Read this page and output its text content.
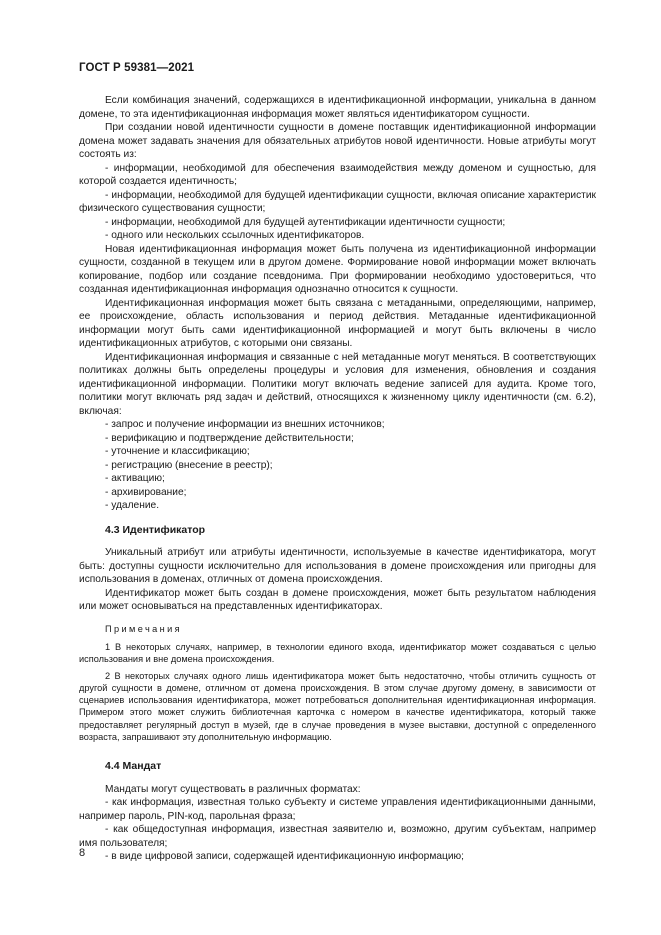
ГОСТ Р 59381—2021

Если комбинация значений, содержащихся в идентификационной информации, уникальна в данном домене, то эта идентификационная информация может являться идентификатором сущности.

При создании новой идентичности сущности в домене поставщик идентификационной информации домена может задавать значения для обязательных атрибутов новой идентичности. Новые атрибуты могут состоять из:

- информации, необходимой для обеспечения взаимодействия между доменом и сущностью, для которой создается идентичность;

- информации, необходимой для будущей идентификации сущности, включая описание характеристик физического существования сущности;

- информации, необходимой для будущей аутентификации идентичности сущности;

- одного или нескольких ссылочных идентификаторов.

Новая идентификационная информация может быть получена из идентификационной информации сущности, созданной в текущем или в другом домене. Формирование новой информации может включать копирование, подбор или создание псевдонима. При формировании необходимо удостовериться, что созданная идентификационная информация однозначно относится к сущности.

Идентификационная информация может быть связана с метаданными, определяющими, например, ее происхождение, область использования и период действия. Метаданные идентификационной информации могут быть сами идентификационной информацией и могут быть включены в число идентификационных атрибутов, с которыми они связаны.

Идентификационная информация и связанные с ней метаданные могут меняться. В соответствующих политиках должны быть определены процедуры и условия для изменения, обновления и создания идентификационной информации. Политики могут включать ведение записей для аудита. Кроме того, политики могут включать ряд задач и действий, относящихся к жизненному циклу идентичности (см. 6.2), включая:

- запрос и получение информации из внешних источников;

- верификацию и подтверждение действительности;

- уточнение и классификацию;

- регистрацию (внесение в реестр);

- активацию;

- архивирование;

- удаление.

4.3 Идентификатор

Уникальный атрибут или атрибуты идентичности, используемые в качестве идентификатора, могут быть: доступны сущности исключительно для использования в домене происхождения или пригодны для использования в доменах, отличных от домена происхождения.

Идентификатор может быть создан в домене происхождения, может быть результатом наблюдения или может основываться на представленных идентификаторах.

Примечания

1 В некоторых случаях, например, в технологии единого входа, идентификатор может создаваться с целью использования и вне домена происхождения.

2 В некоторых случаях одного лишь идентификатора может быть недостаточно, чтобы отличить сущность от другой сущности в домене, отличном от домена происхождения. В этом случае другому домену, в зависимости от сценариев использования идентификатора, может потребоваться дополнительная идентификационная информация. Примером этого может служить библиотечная карточка с номером в качестве идентификатора, который также предоставляет регулярный доступ в музей, где в случае проведения в музее выставки, доступной с определенного возраста, запрашивают эту дополнительную информацию.

4.4 Мандат

Мандаты могут существовать в различных форматах:

- как информация, известная только субъекту и системе управления идентификационными данными, например пароль, PIN-код, парольная фраза;

- как общедоступная информация, известная заявителю и, возможно, другим субъектам, например имя пользователя;

- в виде цифровой записи, содержащей идентификационную информацию;

8
